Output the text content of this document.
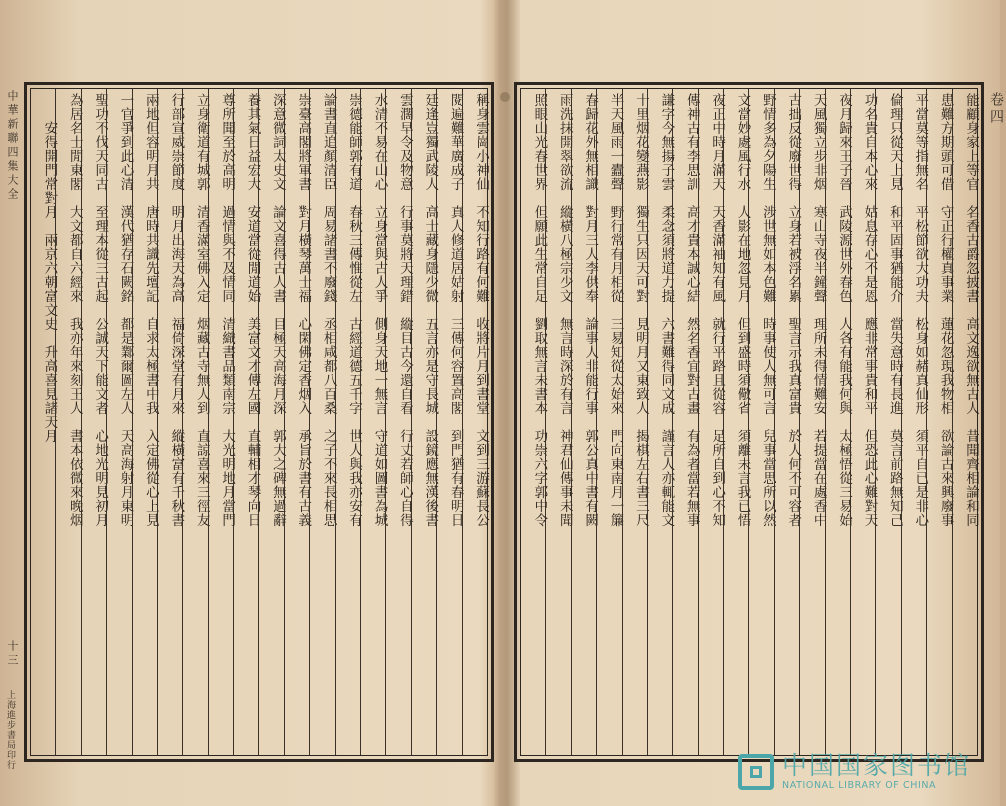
中華新聯四集大全
十三
上海進步書局印行
卷四
稱身雲崗小神仙　不知行路有何難　收將片月到書堂　文到三游蘇長公
閱遍難華廣成子　真人修道居姑射　三傳何容置高閣　到門猶有春明日
廷逢豈獨武陵人　高士藏身隱少微　五言亦是守長城　設鏡應無漢後書
雲濶早令及物意　行事莫將天理錯　縱目古今還自看　行丈若師心自得
水清不易在山心　立身當與古人爭　側身天地一無言　守道如圖書為城
崇德能師郭有道　春秋三傳惟從左　古經道德五千字　世人與我亦安有
論書直追顏清臣　周易諸書不廢錢　丞相咸都八百桑　之子不來長相思
崇臺高閣將軍書　對月橫琴萬士福　心閑佛定香烟入　承旨於書有古義
深意微詞太史文　論文喜得古人書　目極天高海月深　郭大之碑無過辭
養其氣日益宏大　安道當從閒道始　美富文才傳左國　直輔相才琴向日
尊所聞至於高明　過情與不及情同　清織書品類南宗　大光明地月當門
立身衛道有城郭　清香滿室佛入定　烟藏古寺無人到　直諒喜來三徑友
行部宣威崇節度　明月出海天為高　福倚深堂有月來　縱橫富有千秋書
兩地但容明月共　唐時共識先壇記　自求太極書中我　入定佛從心上見
一官爭到此心清　漢代猶存石闕銘　都是鄴爾圖左人　天高海射月東明
聖功不伐天同古　至理本從三古起　公誠天下能文者　心地光明見初月
為居名士閒東閣　大文都自六經來　我亦年來刻王人　書本依微來晚烟
　　安得開門常對月　兩京六朝富文史　升高喜見諸天月	能顧身家上等官　名香古爵忽披書　高文逸欲無古人　昔聞齊相論和同
患難方期頭可借　守正行權真事業　蓮花忽現我物相　欲論古來興廢事
平當莫等指無名　平松節欲大功夫　松身如赭真仙形　須平自已是非心
倫理只從天上見　和平固事猶能介　當失意時有長進　莫言前路無知己
功名貴自本心來　姑息存心不是恩　應非常事貴和平　但恐此心難對天
夜月歸來王子晉　武陵源世外春色　人各有能我何與　太極悟從三易始
天風獨立步非烟　寒山寺夜半鐘聲　理所未得情難安　若提當在處香中
古拙反從廢世得　立身若被浮名累　聖言示我真富貴　於人何不可容者
野情多為夕陽生　涉世無如本色難　時事使人無可言　兒事當思所以然
文當妙處風行水　人影在地忽見月　但到盛時須儆省　須離未言我已悟
夜正中時月滿天　天香滿袖知有風　就行平路且從容　足所自到心不知
傳神古有李思訓　高才貴本誠心結　然名香宜對古畫　有為者當若無事
謙字今無揚子雲　柔念須將道力提　六書難得同文成　謹言人亦輒能文
十里烟花變燕影　獨生只因天可對　見明月又東致人　揭棋左右書三尺
半天風雨一蠹聲　野行常有月相從　三易知從太始來　門向東南月一簾
春歸花外無相識　對月三人李供奉　論事人非能行事　郭公真中書有闕
雨洗抹開翠欲流　縱橫八極宗少文　無言時深於有言　神君仙傳事未聞
照眼山光春世界　但願此生常自足　劉取無言未書本　功崇六字郭中令
中国国家图书馆
NATIONAL LIBRARY OF CHINA
